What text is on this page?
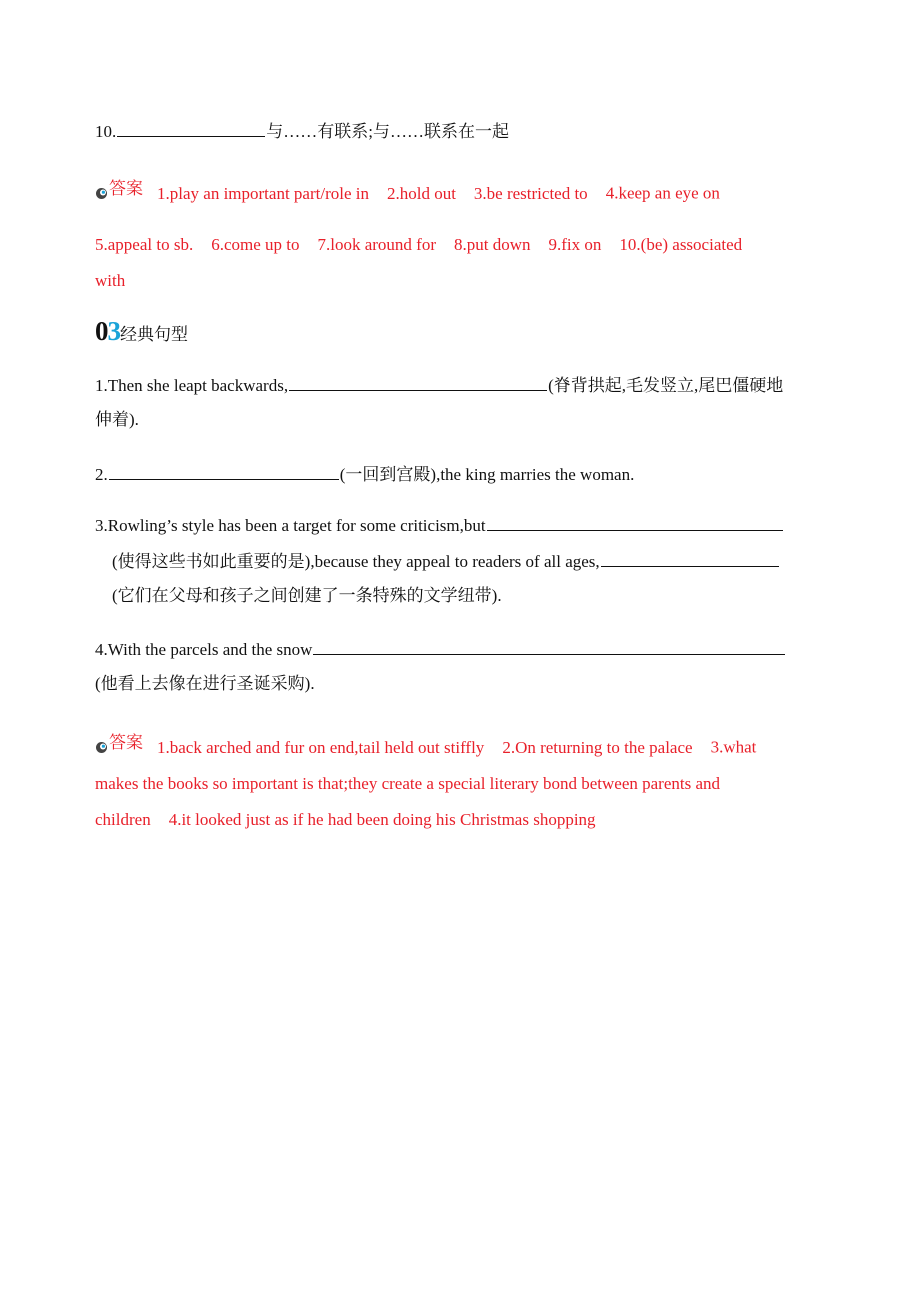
10.	与……有联系;与……联系在一起
答案 1.play an important part/role in 2.hold out 3.be restricted to 4.keep an eye on
5.appeal to sb. 6.come up to 7.look around for 8.put down 9.fix on 10.(be) associated
with
03经典句型
1.Then she leapt backwards,	(脊背拱起,毛发竖立,尾巴僵硬地
伸着).
2.	(一回到宫殿),the king marries the woman.
3.Rowling’s style has been a target for some criticism,but
(使得这些书如此重要的是),because they appeal to readers of all ages,
(它们在父母和孩子之间创建了一条特殊的文学纽带).
4.With the parcels and the snow
(他看上去像在进行圣诞采购).
答案 1.back arched and fur on end,tail held out stiffly 2.On returning to the palace 3.what
makes the books so important is that;they create a special literary bond between parents and
children 4.it looked just as if he had been doing his Christmas shopping
